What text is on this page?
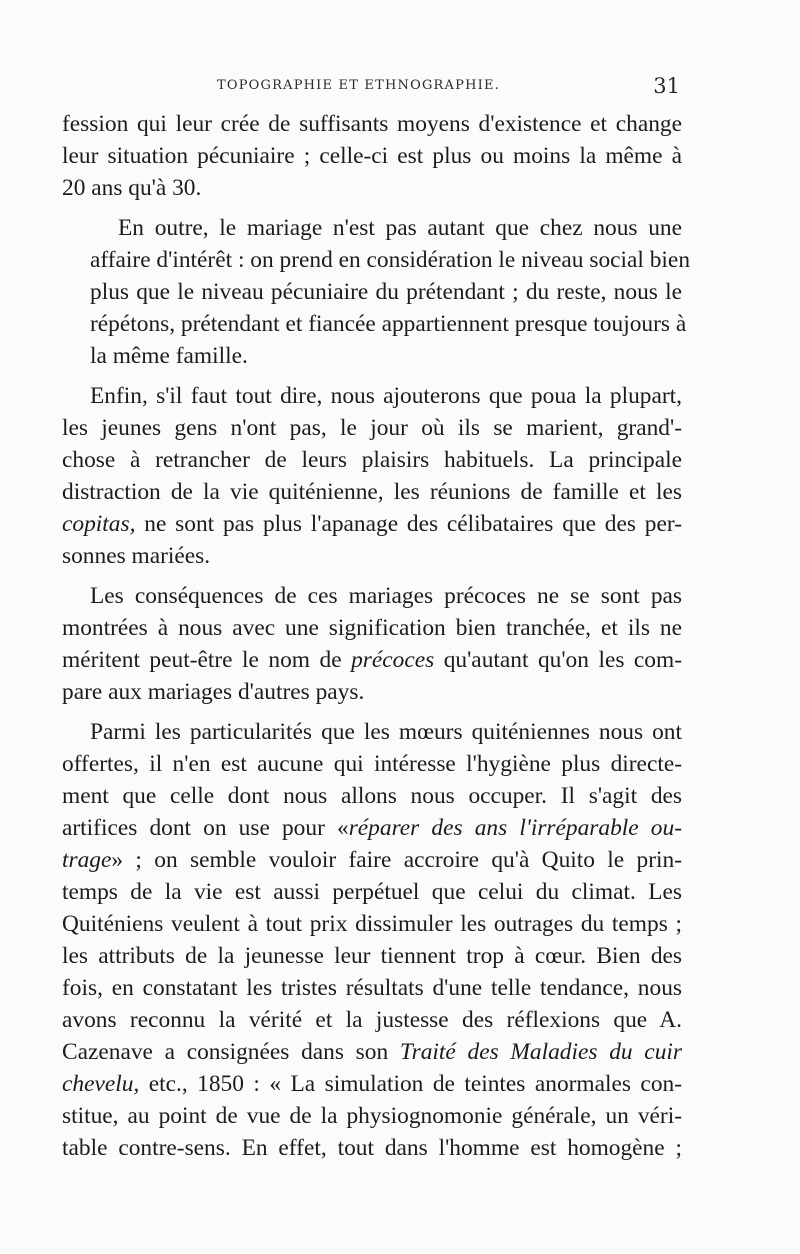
TOPOGRAPHIE ET ETHNOGRAPHIE.	31

fession qui leur crée de suffisants moyens d'existence et change
leur situation pécuniaire ; celle-ci est plus ou moins la même à
20 ans qu'à 30.

En outre, le mariage n'est pas autant que chez nous une
affaire d'intérêt : on prend en considération le niveau social bien
plus que le niveau pécuniaire du prétendant ; du reste, nous le
répétons, prétendant et fiancée appartiennent presque toujours à
la même famille.

Enfin, s'il faut tout dire, nous ajouterons que poua la plupart,
les jeunes gens n'ont pas, le jour où ils se marient, grand'-
chose à retrancher de leurs plaisirs habituels. La principale
distraction de la vie quiténienne, les réunions de famille et les
copitas, ne sont pas plus l'apanage des célibataires que des per-
sonnes mariées.

Les conséquences de ces mariages précoces ne se sont pas
montrées à nous avec une signification bien tranchée, et ils ne
méritent peut-être le nom de précoces qu'autant qu'on les com-
pare aux mariages d'autres pays.

Parmi les particularités que les mœurs quiténiennes nous ont
offertes, il n'en est aucune qui intéresse l'hygiène plus directe-
ment que celle dont nous allons nous occuper. Il s'agit des
artifices dont on use pour «réparer des ans l'irréparable ou-
trage» ; on semble vouloir faire accroire qu'à Quito le prin-
temps de la vie est aussi perpétuel que celui du climat. Les
Quiténiens veulent à tout prix dissimuler les outrages du temps ;
les attributs de la jeunesse leur tiennent trop à cœur. Bien des
fois, en constatant les tristes résultats d'une telle tendance, nous
avons reconnu la vérité et la justesse des réflexions que A.
Cazenave a consignées dans son Traité des Maladies du cuir
chevelu, etc., 1850 : « La simulation de teintes anormales con-
stitue, au point de vue de la physiognomonie générale, un véri-
table contre-sens. En effet, tout dans l'homme est homogène ;
